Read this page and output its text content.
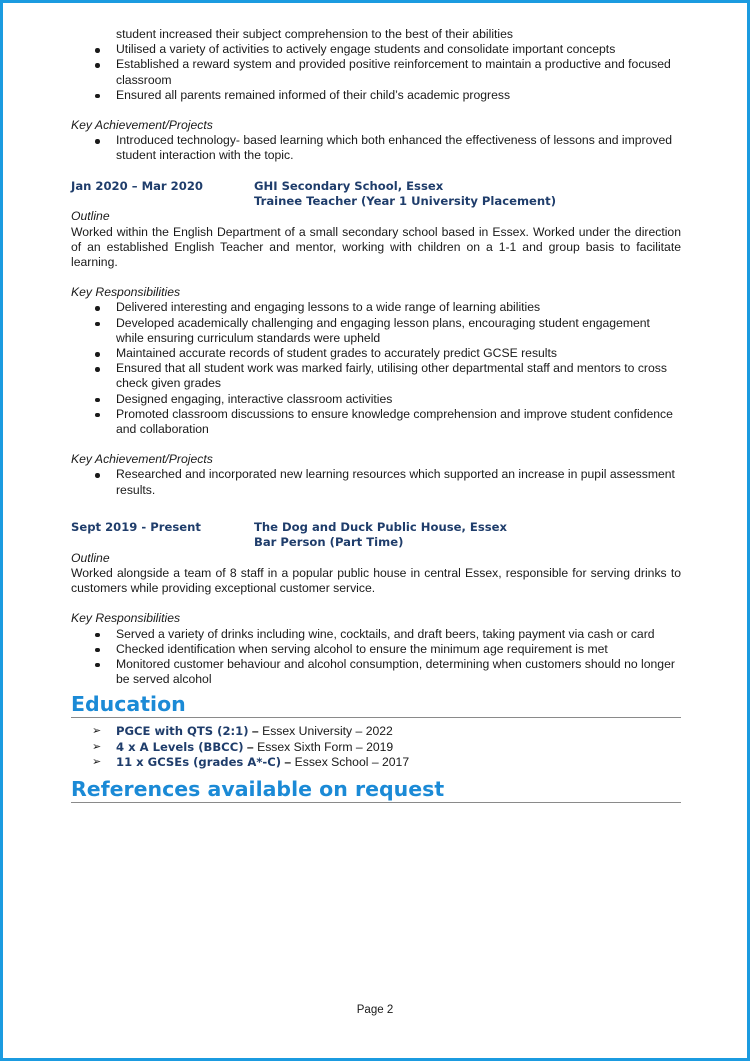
student increased their subject comprehension to the best of their abilities
Utilised a variety of activities to actively engage students and consolidate important concepts
Established a reward system and provided positive reinforcement to maintain a productive and focused classroom
Ensured all parents remained informed of their child’s academic progress

Key Achievement/Projects

Introduced technology- based learning which both enhanced the effectiveness of lessons and improved student interaction with the topic.
Jan 2020 – Mar 2020	GHI Secondary School, Essex
Trainee Teacher (Year 1 University Placement)

Outline

Worked within the English Department of a small secondary school based in Essex. Worked under the direction of an established English Teacher and mentor, working with children on a 1-1 and group basis to facilitate learning.

Key Responsibilities

Delivered interesting and engaging lessons to a wide range of learning abilities
Developed academically challenging and engaging lesson plans, encouraging student engagement while ensuring curriculum standards were upheld
Maintained accurate records of student grades to accurately predict GCSE results
Ensured that all student work was marked fairly, utilising other departmental staff and mentors to cross check given grades
Designed engaging, interactive classroom activities
Promoted classroom discussions to ensure knowledge comprehension and improve student confidence and collaboration

Key Achievement/Projects

Researched and incorporated new learning resources which supported an increase in pupil assessment results.
Sept 2019 - Present	The Dog and Duck Public House, Essex
Bar Person (Part Time)

Outline

Worked alongside a team of 8 staff in a popular public house in central Essex, responsible for serving drinks to customers while providing exceptional customer service.

Key Responsibilities

Served a variety of drinks including wine, cocktails, and draft beers, taking payment via cash or card
Checked identification when serving alcohol to ensure the minimum age requirement is met
Monitored customer behaviour and alcohol consumption, determining when customers should no longer be served alcohol
Education
➢ PGCE with QTS (2:1) – Essex University – 2022
➢ 4 x A Levels (BBCC) – Essex Sixth Form – 2019
➢ 11 x GCSEs (grades A*-C) – Essex School – 2017
References available on request
Page 2
